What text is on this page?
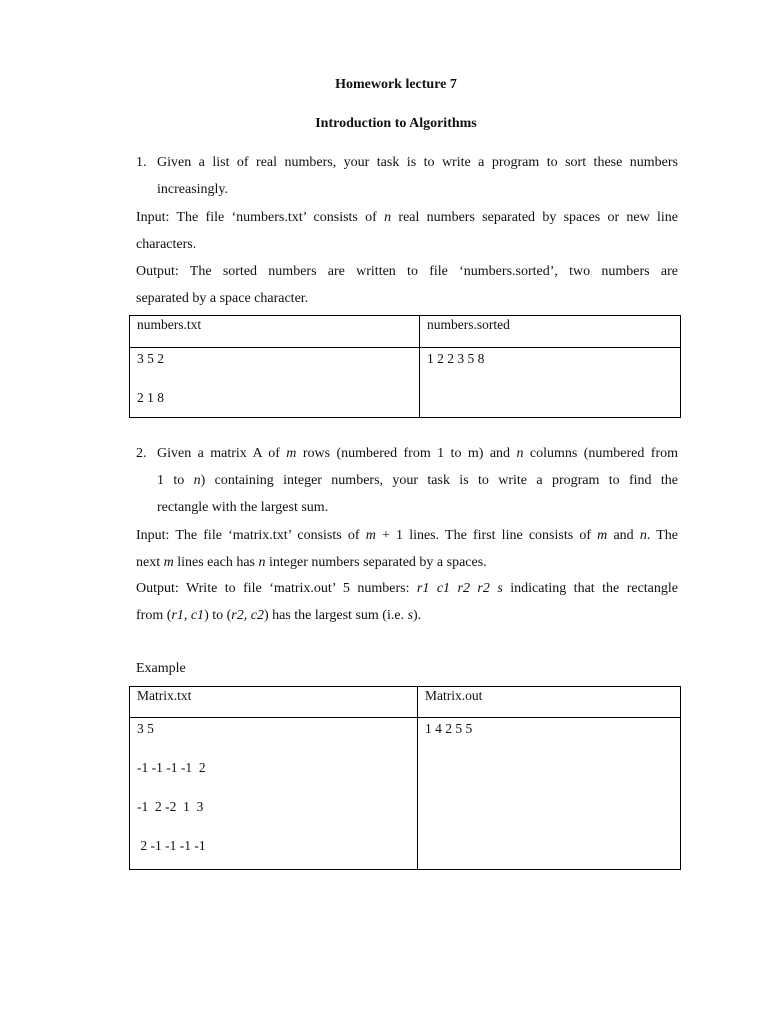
Homework lecture 7
Introduction to Algorithms
1. Given a list of real numbers, your task is to write a program to sort these numbers
increasingly.
Input: The file ‘numbers.txt’ consists of n real numbers separated by spaces or new line
characters.
Output: The sorted numbers are written to file ‘numbers.sorted’, two numbers are
separated by a space character.
numbers.txt	numbers.sorted

3 5 2
2 1 8	1 2 2 3 5 8
2. Given a matrix A of m rows (numbered from 1 to m) and n columns (numbered from
1 to n) containing integer numbers, your task is to write a program to find the
rectangle with the largest sum.
Input: The file ‘matrix.txt’ consists of m + 1 lines. The first line consists of m and n. The
next m lines each has n integer numbers separated by a spaces.
Output: Write to file ‘matrix.out’ 5 numbers: r1 c1 r2 r2 s indicating that the rectangle
from (r1, c1) to (r2, c2) has the largest sum (i.e. s).
Example
Matrix.txt	Matrix.out

3 5
-1 -1 -1 -1  2
-1  2 -2  1  3
2 -1 -1 -1 -1	1 4 2 5 5
